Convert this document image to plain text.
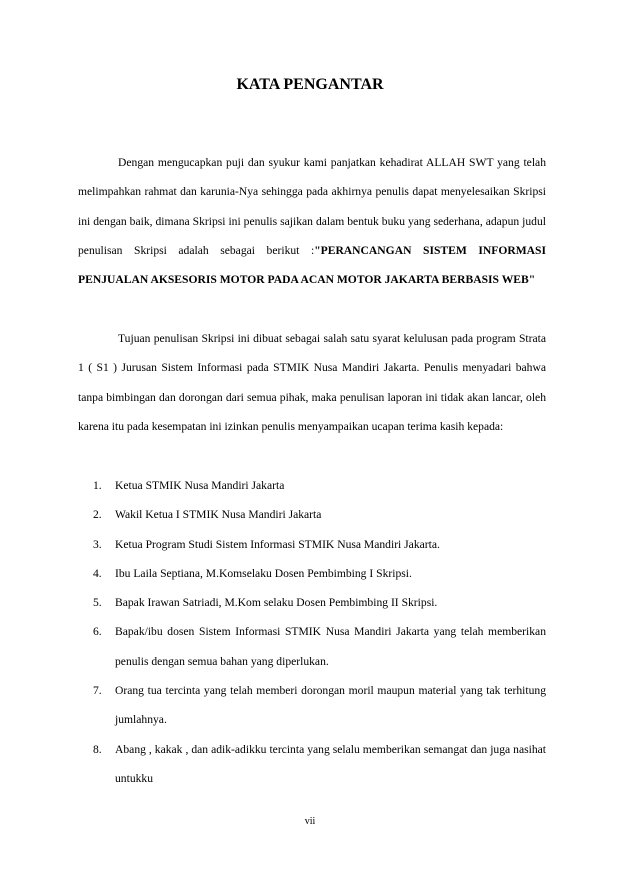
KATA PENGANTAR

Dengan mengucapkan puji dan syukur kami panjatkan kehadirat ALLAH SWT yang telah melimpahkan rahmat dan karunia-Nya sehingga pada akhirnya penulis dapat menyelesaikan Skripsi ini dengan baik, dimana Skripsi ini penulis sajikan dalam bentuk buku yang sederhana, adapun judul penulisan Skripsi adalah sebagai berikut :"PERANCANGAN SISTEM INFORMASI PENJUALAN AKSESORIS MOTOR PADA ACAN MOTOR JAKARTA BERBASIS WEB"

Tujuan penulisan Skripsi ini dibuat sebagai salah satu syarat kelulusan pada program Strata 1 ( S1 ) Jurusan Sistem Informasi pada STMIK Nusa Mandiri Jakarta. Penulis menyadari bahwa tanpa bimbingan dan dorongan dari semua pihak, maka penulisan laporan ini tidak akan lancar, oleh karena itu pada kesempatan ini izinkan penulis menyampaikan ucapan terima kasih kepada:

1. Ketua STMIK Nusa Mandiri Jakarta
2. Wakil Ketua I STMIK Nusa Mandiri Jakarta
3. Ketua Program Studi Sistem Informasi STMIK Nusa Mandiri Jakarta.
4. Ibu Laila Septiana, M.Komselaku Dosen Pembimbing I Skripsi.
5. Bapak Irawan Satriadi, M.Kom selaku Dosen Pembimbing II Skripsi.
6. Bapak/ibu dosen Sistem Informasi STMIK Nusa Mandiri Jakarta yang telah memberikan penulis dengan semua bahan yang diperlukan.
7. Orang tua tercinta yang telah memberi dorongan moril maupun material yang tak terhitung jumlahnya.
8. Abang , kakak , dan adik-adikku tercinta yang selalu memberikan semangat dan juga nasihat untukku
vii
